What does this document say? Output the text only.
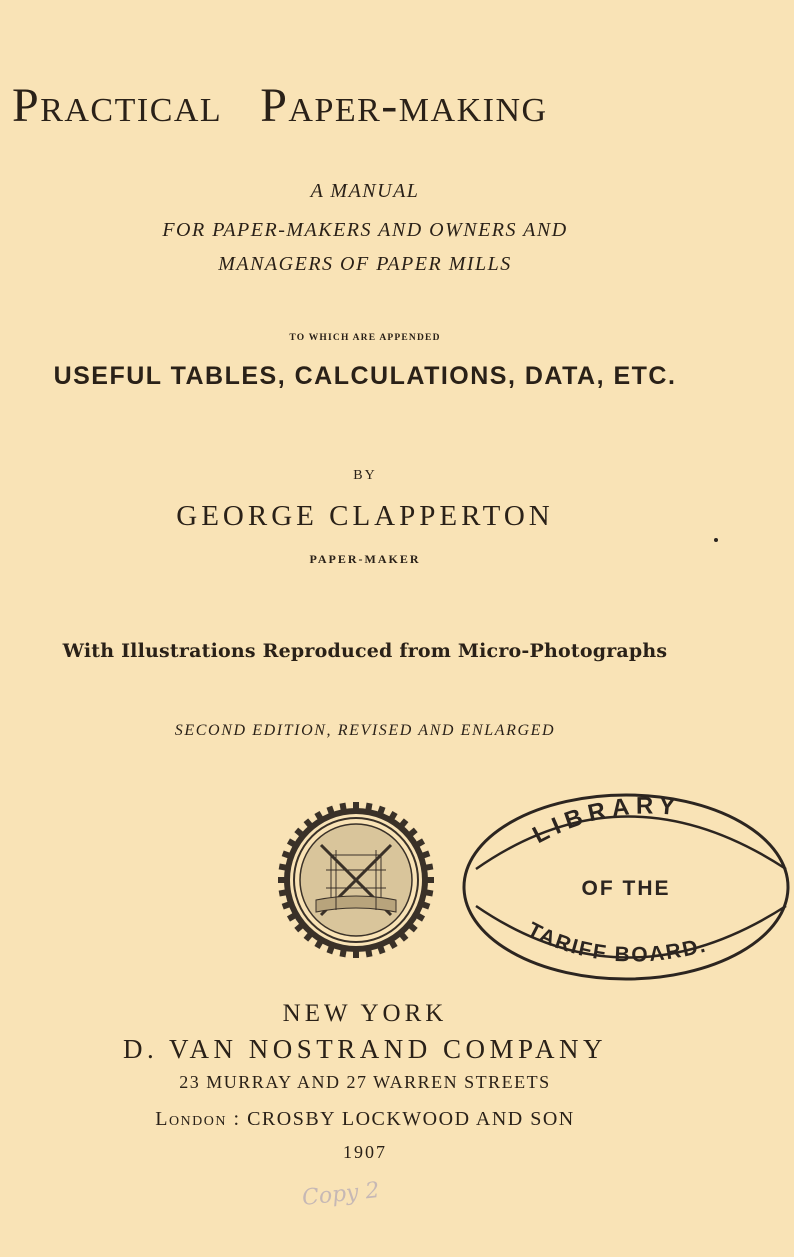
Practical Paper-making
A MANUAL
FOR PAPER-MAKERS AND OWNERS AND
MANAGERS OF PAPER MILLS
TO WHICH ARE APPENDED
USEFUL TABLES, CALCULATIONS, DATA, ETC.
BY
GEORGE CLAPPERTON
PAPER-MAKER
With Illustrations Reproduced from Micro-Photographs
SECOND EDITION, REVISED AND ENLARGED
LIBRARY
OF THE
TARIFF BOARD.
NEW YORK
D. VAN NOSTRAND COMPANY
23 MURRAY AND 27 WARREN STREETS
London : CROSBY LOCKWOOD AND SON
1907
Copy 2
